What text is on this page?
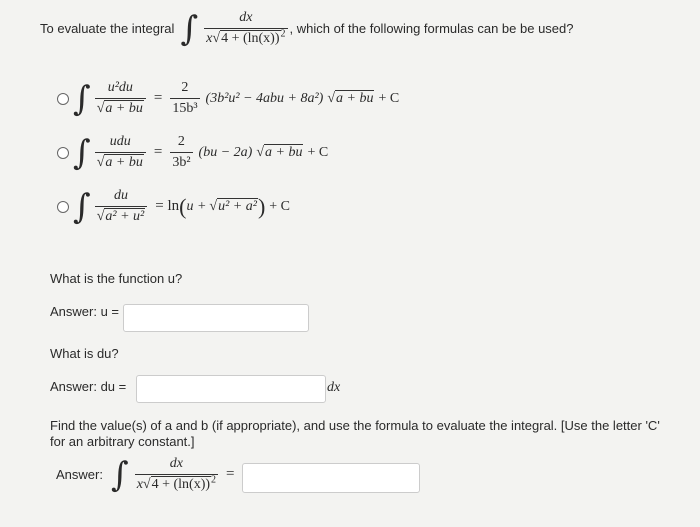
To evaluate the integral ∫ $\frac{dx}{x√4 + (\ln(x))^2}$ , which of the following formulas can be be used?
∫ $\frac{\text{u²du}}{√a + bu} = \frac{2}{\text{15b³}} (3b^2u^2 - 4abu + 8a^2) √a$ + bu + C
∫ $\frac{\text{udu}}{√a + bu} = \frac{2}{\text{3b²}} (bu - 2a) √a$ + bu + C
∫ $\frac{du}{\text{√a² + u²}} = \ln$ ( u + √u² + a² ) + C
What is the function u?
Answer: u =
What is du?
Answer: du =	dx
Find the value(s) of a and b (if appropriate), and use the formula to evaluate the integral. [Use the letter 'C' for an arbitrary constant.]
Answer: ∫ $\frac{dx}{x√4 + (\ln(x))^2}$ =
